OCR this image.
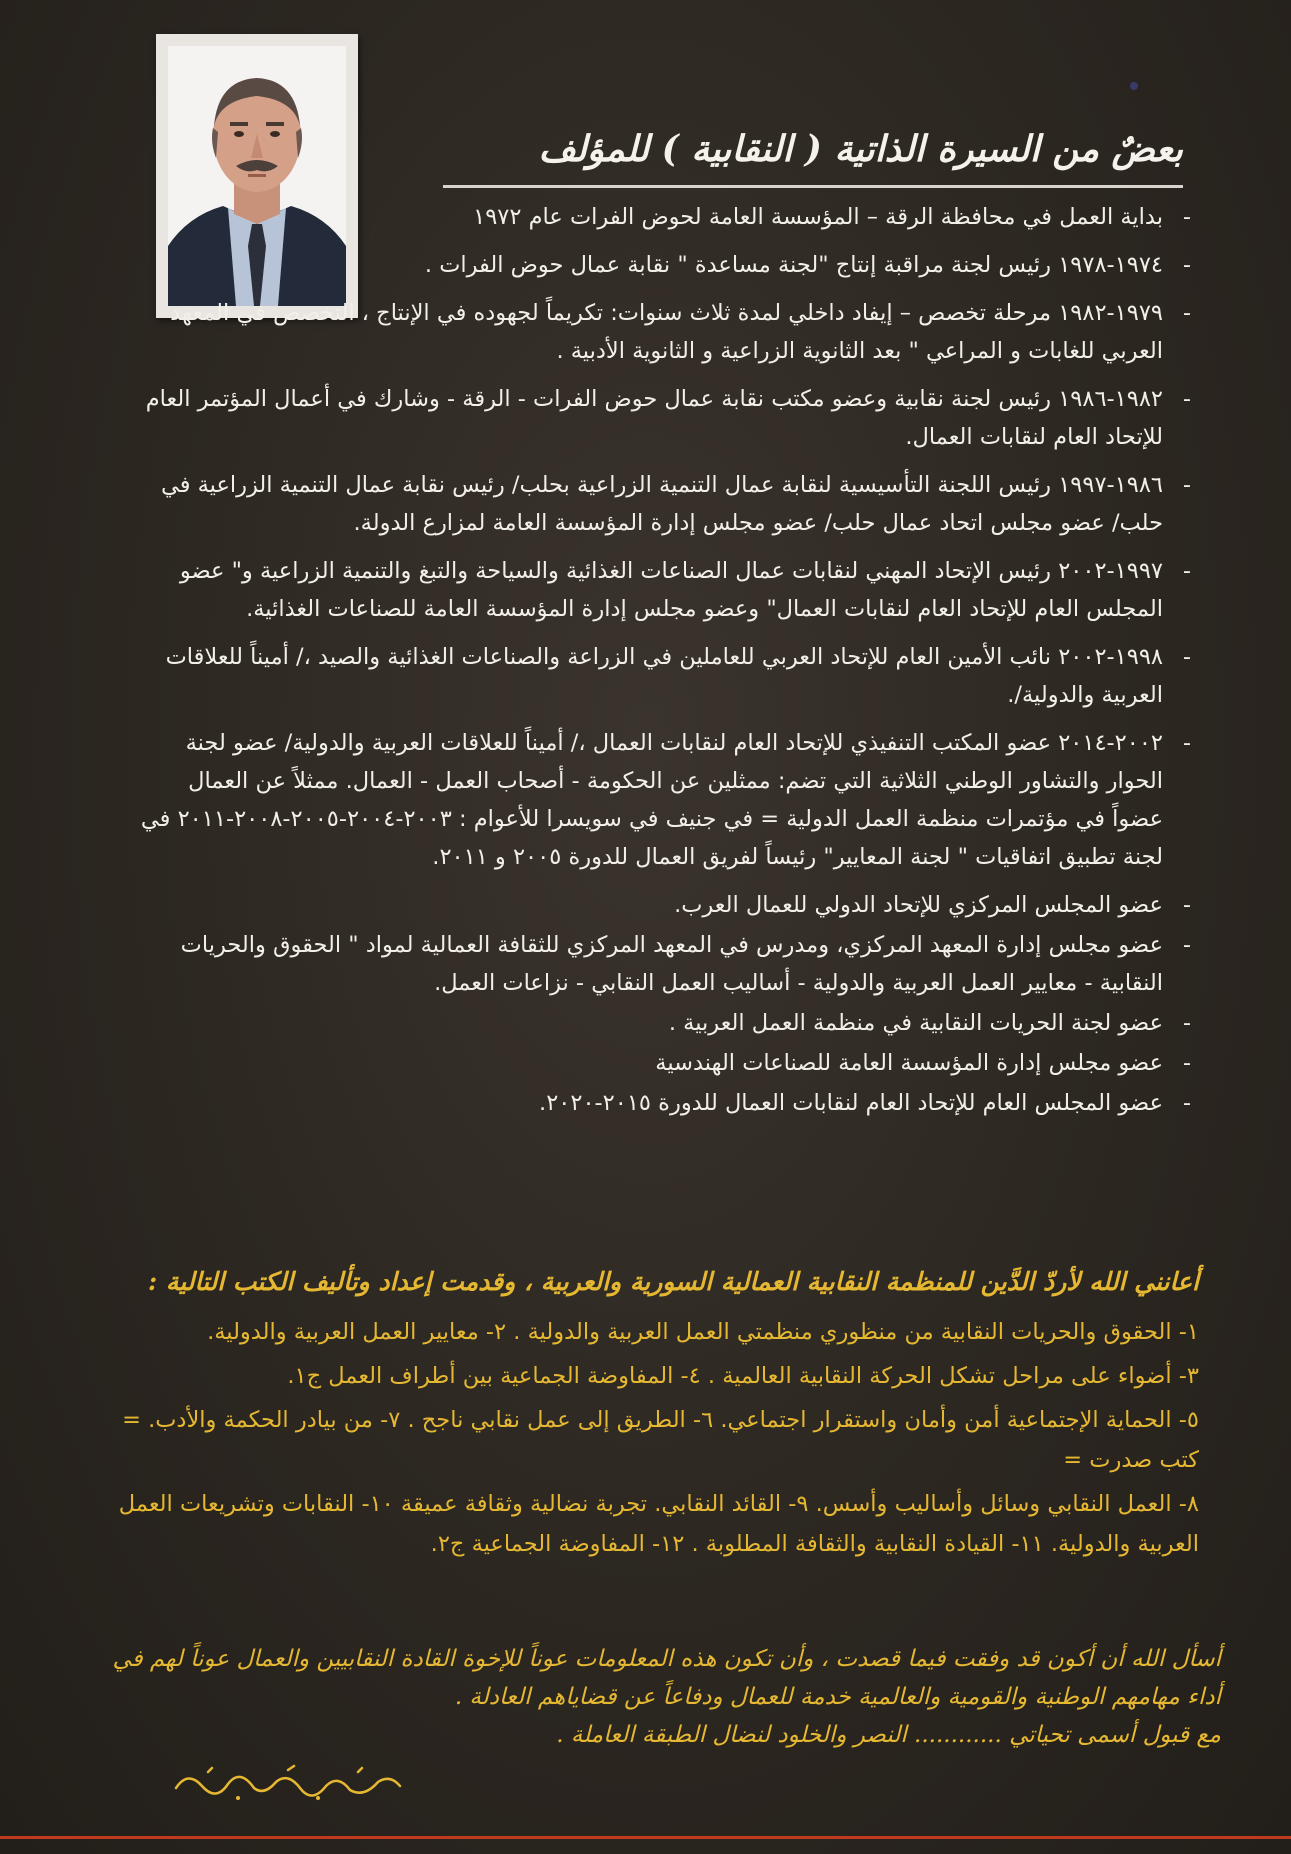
بعضٌ من السيرة الذاتية ( النقابية ) للمؤلف
-
بداية العمل في محافظة الرقة – المؤسسة العامة لحوض الفرات عام ١٩٧٢
-
١٩٧٤-١٩٧٨ رئيس لجنة مراقبة إنتاج "لجنة مساعدة " نقابة عمال حوض الفرات .
-
١٩٧٩-١٩٨٢ مرحلة تخصص – إيفاد داخلي لمدة ثلاث سنوات: تكريماً لجهوده في الإنتاج ، التخصص في المعهد العربي للغابات و المراعي " بعد الثانوية الزراعية و الثانوية الأدبية .
-
١٩٨٢-١٩٨٦ رئيس لجنة نقابية وعضو مكتب نقابة عمال حوض الفرات - الرقة - وشارك في أعمال المؤتمر العام للإتحاد العام لنقابات العمال.
-
١٩٨٦-١٩٩٧ رئيس اللجنة التأسيسية لنقابة عمال التنمية الزراعية بحلب/ رئيس نقابة عمال التنمية الزراعية في حلب/ عضو مجلس اتحاد عمال حلب/ عضو مجلس إدارة المؤسسة العامة لمزارع الدولة.
-
١٩٩٧-٢٠٠٢ رئيس الإتحاد المهني لنقابات عمال الصناعات الغذائية والسياحة والتبغ والتنمية الزراعية و" عضو المجلس العام للإتحاد العام لنقابات العمال" وعضو مجلس إدارة المؤسسة العامة للصناعات الغذائية.
-
١٩٩٨-٢٠٠٢ نائب الأمين العام للإتحاد العربي للعاملين في الزراعة والصناعات الغذائية والصيد ،/ أميناً للعلاقات العربية والدولية/.
-
٢٠٠٢-٢٠١٤ عضو المكتب التنفيذي للإتحاد العام لنقابات العمال ،/ أميناً للعلاقات العربية والدولية/ عضو لجنة الحوار والتشاور الوطني الثلاثية التي تضم: ممثلين عن الحكومة - أصحاب العمل - العمال. ممثلاً عن العمال عضواً في مؤتمرات منظمة العمل الدولية = في جنيف في سويسرا للأعوام : ٢٠٠٣-٢٠٠٤-٢٠٠٥-٢٠٠٨-٢٠١١ في لجنة تطبيق اتفاقيات " لجنة المعايير" رئيساً لفريق العمال للدورة ٢٠٠٥ و ٢٠١١.
-
عضو المجلس المركزي للإتحاد الدولي للعمال العرب.
-
عضو مجلس إدارة المعهد المركزي، ومدرس في المعهد المركزي للثقافة العمالية لمواد " الحقوق والحريات النقابية - معايير العمل العربية والدولية - أساليب العمل النقابي - نزاعات العمل.
-
عضو لجنة الحريات النقابية في منظمة العمل العربية .
-
عضو مجلس إدارة المؤسسة العامة للصناعات الهندسية
-
عضو المجلس العام للإتحاد العام لنقابات العمال للدورة ٢٠١٥-٢٠٢٠.
أعانني الله لأردّ الدَّين للمنظمة النقابية العمالية السورية والعربية ، وقدمت إعداد وتأليف الكتب التالية :
١- الحقوق والحريات النقابية من منظوري منظمتي العمل العربية والدولية . ٢- معايير العمل العربية والدولية.
٣- أضواء على مراحل تشكل الحركة النقابية العالمية . ٤- المفاوضة الجماعية بين أطراف العمل ج١.
٥- الحماية الإجتماعية أمن وأمان واستقرار اجتماعي. ٦- الطريق إلى عمل نقابي ناجح . ٧- من بيادر الحكمة والأدب. = كتب صدرت =
٨- العمل النقابي وسائل وأساليب وأسس. ٩- القائد النقابي. تجربة نضالية وثقافة عميقة ١٠- النقابات وتشريعات العمل العربية والدولية. ١١- القيادة النقابية والثقافة المطلوبة . ١٢- المفاوضة الجماعية ج٢.

أسأل الله أن أكون قد وفقت فيما قصدت ، وأن تكون هذه المعلومات عوناً للإخوة القادة النقابيين والعمال عوناً لهم في أداء مهامهم الوطنية والقومية والعالمية خدمة للعمال ودفاعاً عن قضاياهم العادلة .

مع قبول أسمى تحياتي ............ النصر والخلود لنضال الطبقة العاملة .
